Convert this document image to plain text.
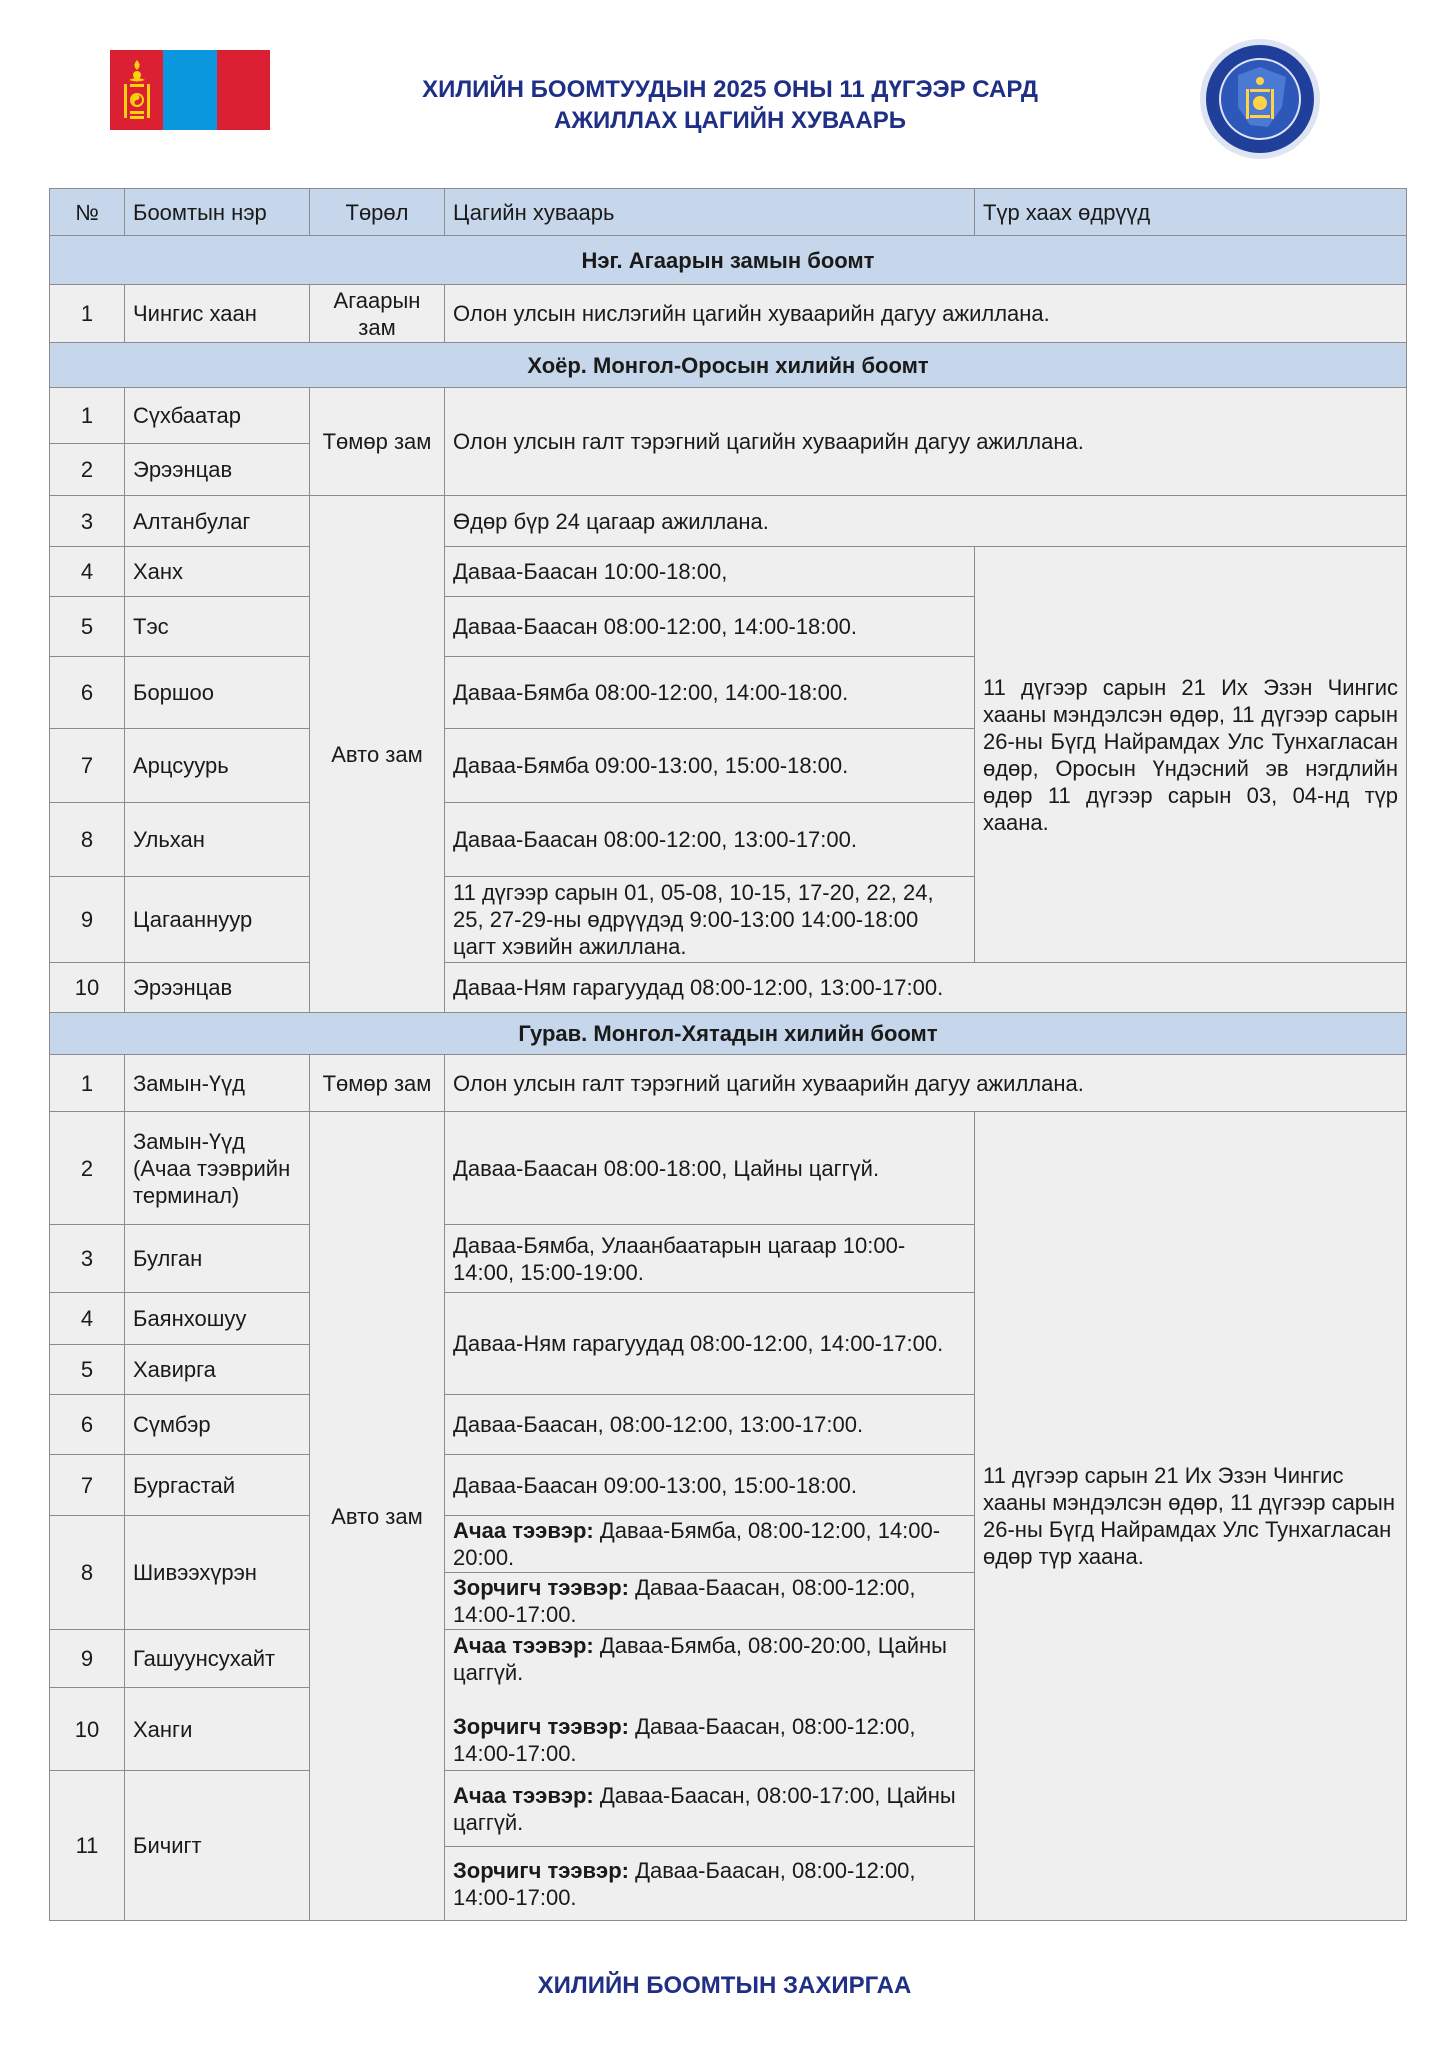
ХИЛИЙН БООМТУУДЫН 2025 ОНЫ 11 ДҮГЭЭР САРД
АЖИЛЛАХ ЦАГИЙН ХУВААРЬ
№	Боомтын нэр	Төрөл	Цагийн хуваарь	Түр хаах өдрүүд
Нэг. Агаарын замын боомт				
1	Чингис хаан	Агаарын зам	Олон улсын нислэгийн цагийн хуваарийн дагуу ажиллана.	
Хоёр. Монгол-Оросын хилийн боомт				
1	Сүхбаатар	Төмөр зам	Олон улсын галт тэрэгний цагийн хуваарийн дагуу ажиллана.	
2	Эрээнцав			
3	Алтанбулаг	Авто зам	Өдөр бүр 24 цагаар ажиллана.	
4	Ханх		Даваа-Баасан 10:00-18:00,	11 дүгээр сарын 21 Их Эзэн Чингис хааны мэндэлсэн өдөр, 11 дүгээр сарын 26-ны Бүгд Найрамдах Улс Тунхагласан өдөр, Оросын Үндэсний эв нэгдлийн өдөр 11 дүгээр сарын 03, 04-нд түр хаана.
5	Тэс		Даваа-Баасан 08:00-12:00, 14:00-18:00.	
6	Боршоо		Даваа-Бямба 08:00-12:00, 14:00-18:00.	
7	Арцсуурь		Даваа-Бямба 09:00-13:00, 15:00-18:00.	
8	Ульхан		Даваа-Баасан 08:00-12:00, 13:00-17:00.	
9	Цагааннуур		11 дүгээр сарын 01, 05-08, 10-15, 17-20, 22, 24, 25, 27-29-ны өдрүүдэд 9:00-13:00 14:00-18:00 цагт хэвийн ажиллана.	
10	Эрээнцав		Даваа-Ням гарагуудад 08:00-12:00, 13:00-17:00.	
Гурав. Монгол-Хятадын хилийн боомт				
1	Замын-Үүд	Төмөр зам	Олон улсын галт тэрэгний цагийн хуваарийн дагуу ажиллана.	
2	Замын-Үүд (Ачаа тээврийн терминал)	Авто зам	Даваа-Баасан 08:00-18:00, Цайны цаггүй.	11 дүгээр сарын 21 Их Эзэн Чингис хааны мэндэлсэн өдөр, 11 дүгээр сарын 26-ны Бүгд Найрамдах Улс Тунхагласан өдөр түр хаана.
3	Булган		Даваа-Бямба, Улаанбаатарын цагаар 10:00-14:00, 15:00-19:00.	
4	Баянхошуу		Даваа-Ням гарагуудад 08:00-12:00, 14:00-17:00.	
5	Хавирга			
6	Сүмбэр		Даваа-Баасан, 08:00-12:00, 13:00-17:00.	
7	Бургастай		Даваа-Баасан 09:00-13:00, 15:00-18:00.	
8	Шивээхүрэн		Ачаа тээвэр: Даваа-Бямба, 08:00-12:00, 14:00-20:00.	
			Зорчигч тээвэр: Даваа-Баасан, 08:00-12:00, 14:00-17:00.	
9	Гашуунсухайт		Ачаа тээвэр: Даваа-Бямба, 08:00-20:00, Цайны цаггүй.
Зорчигч тээвэр: Даваа-Баасан, 08:00-12:00, 14:00-17:00.	

10	Ханги			
11	Бичигт		Ачаа тээвэр: Даваа-Баасан, 08:00-17:00, Цайны цаггүй.	
			Зорчигч тээвэр: Даваа-Баасан, 08:00-12:00, 14:00-17:00.	
ХИЛИЙН БООМТЫН ЗАХИРГАА
